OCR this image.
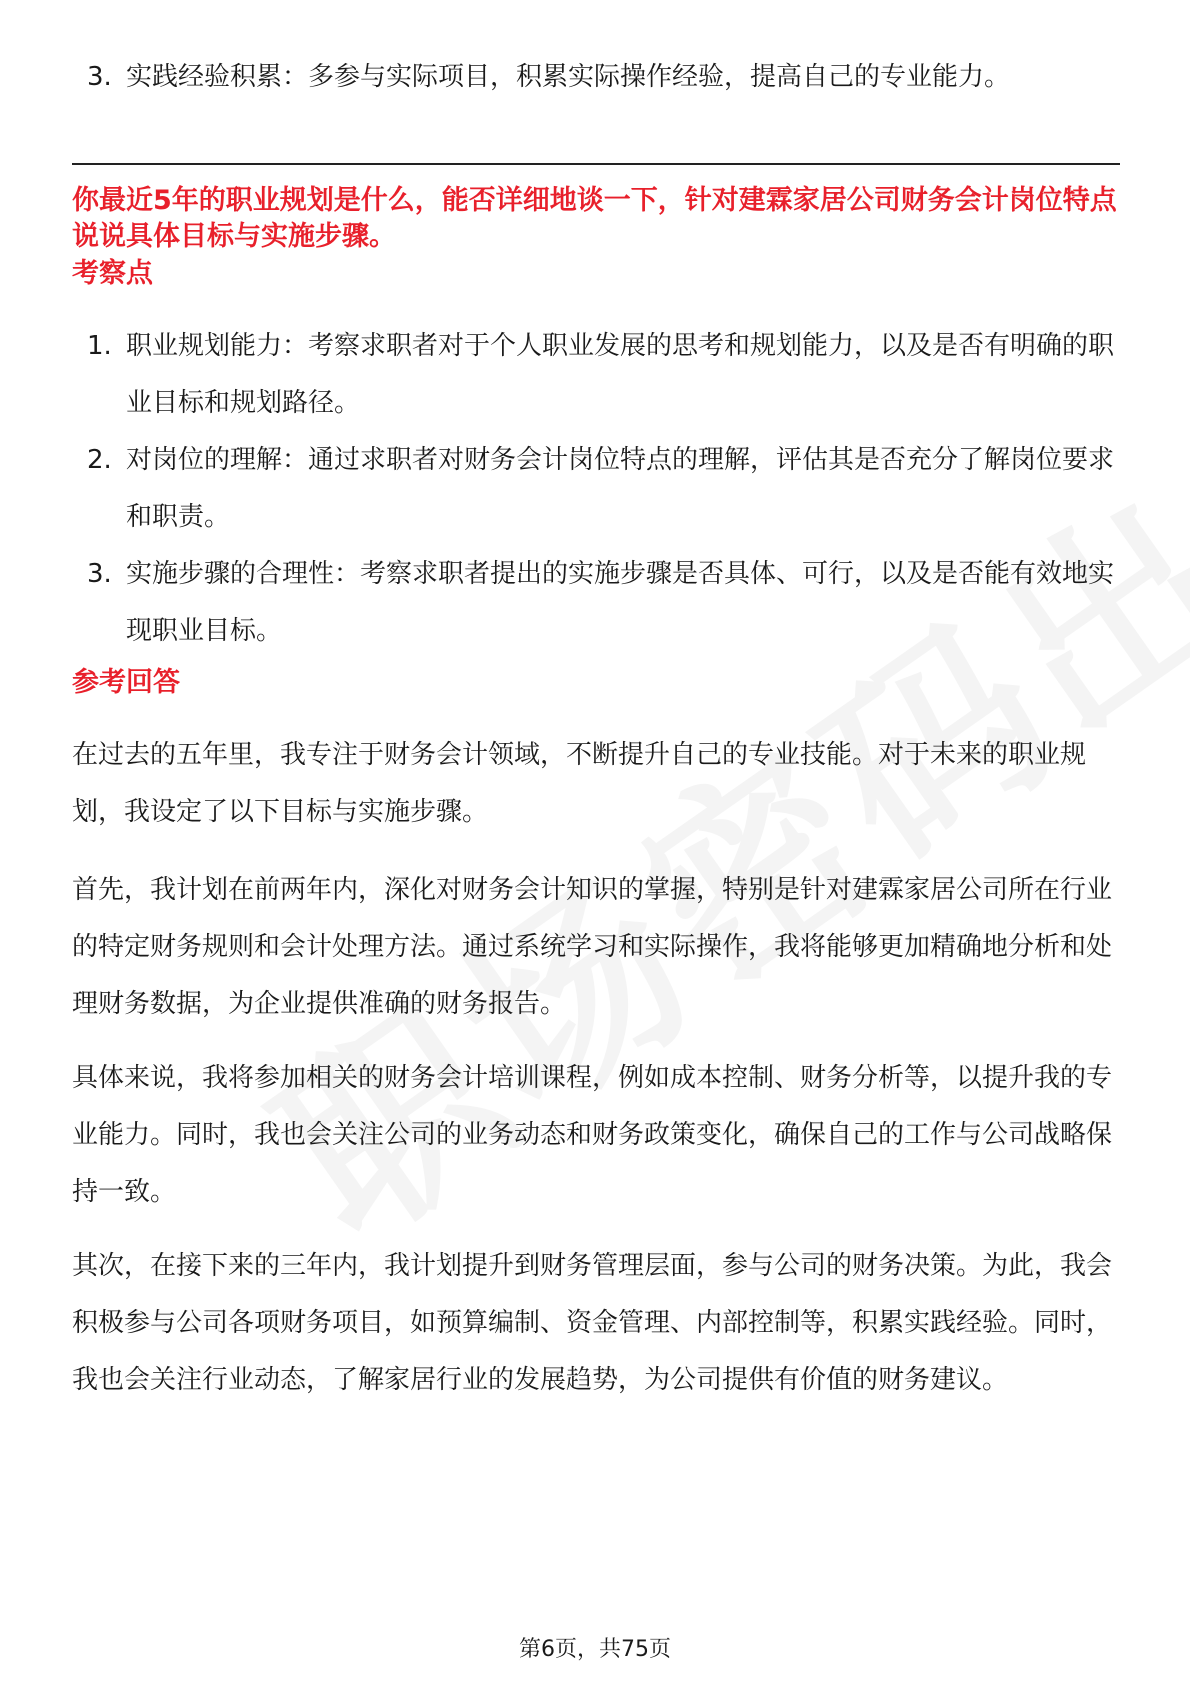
3. 实践经验积累：多参与实际项目，积累实际操作经验，提高自己的专业能力。
你最近5年的职业规划是什么，能否详细地谈一下，针对建霖家居公司财务会计岗位特点说说具体目标与实施步骤。
考察点
1. 职业规划能力：考察求职者对于个人职业发展的思考和规划能力，以及是否有明确的职业目标和规划路径。
2. 对岗位的理解：通过求职者对财务会计岗位特点的理解，评估其是否充分了解岗位要求和职责。
3. 实施步骤的合理性：考察求职者提出的实施步骤是否具体、可行，以及是否能有效地实现职业目标。
参考回答

在过去的五年里，我专注于财务会计领域，不断提升自己的专业技能。对于未来的职业规划，我设定了以下目标与实施步骤。

首先，我计划在前两年内，深化对财务会计知识的掌握，特别是针对建霖家居公司所在行业的特定财务规则和会计处理方法。通过系统学习和实际操作，我将能够更加精确地分析和处理财务数据，为企业提供准确的财务报告。

具体来说，我将参加相关的财务会计培训课程，例如成本控制、财务分析等，以提升我的专业能力。同时，我也会关注公司的业务动态和财务政策变化，确保自己的工作与公司战略保持一致。

其次，在接下来的三年内，我计划提升到财务管理层面，参与公司的财务决策。为此，我会积极参与公司各项财务项目，如预算编制、资金管理、内部控制等，积累实践经验。同时，我也会关注行业动态，了解家居行业的发展趋势，为公司提供有价值的财务建议。

第6页，共75页
